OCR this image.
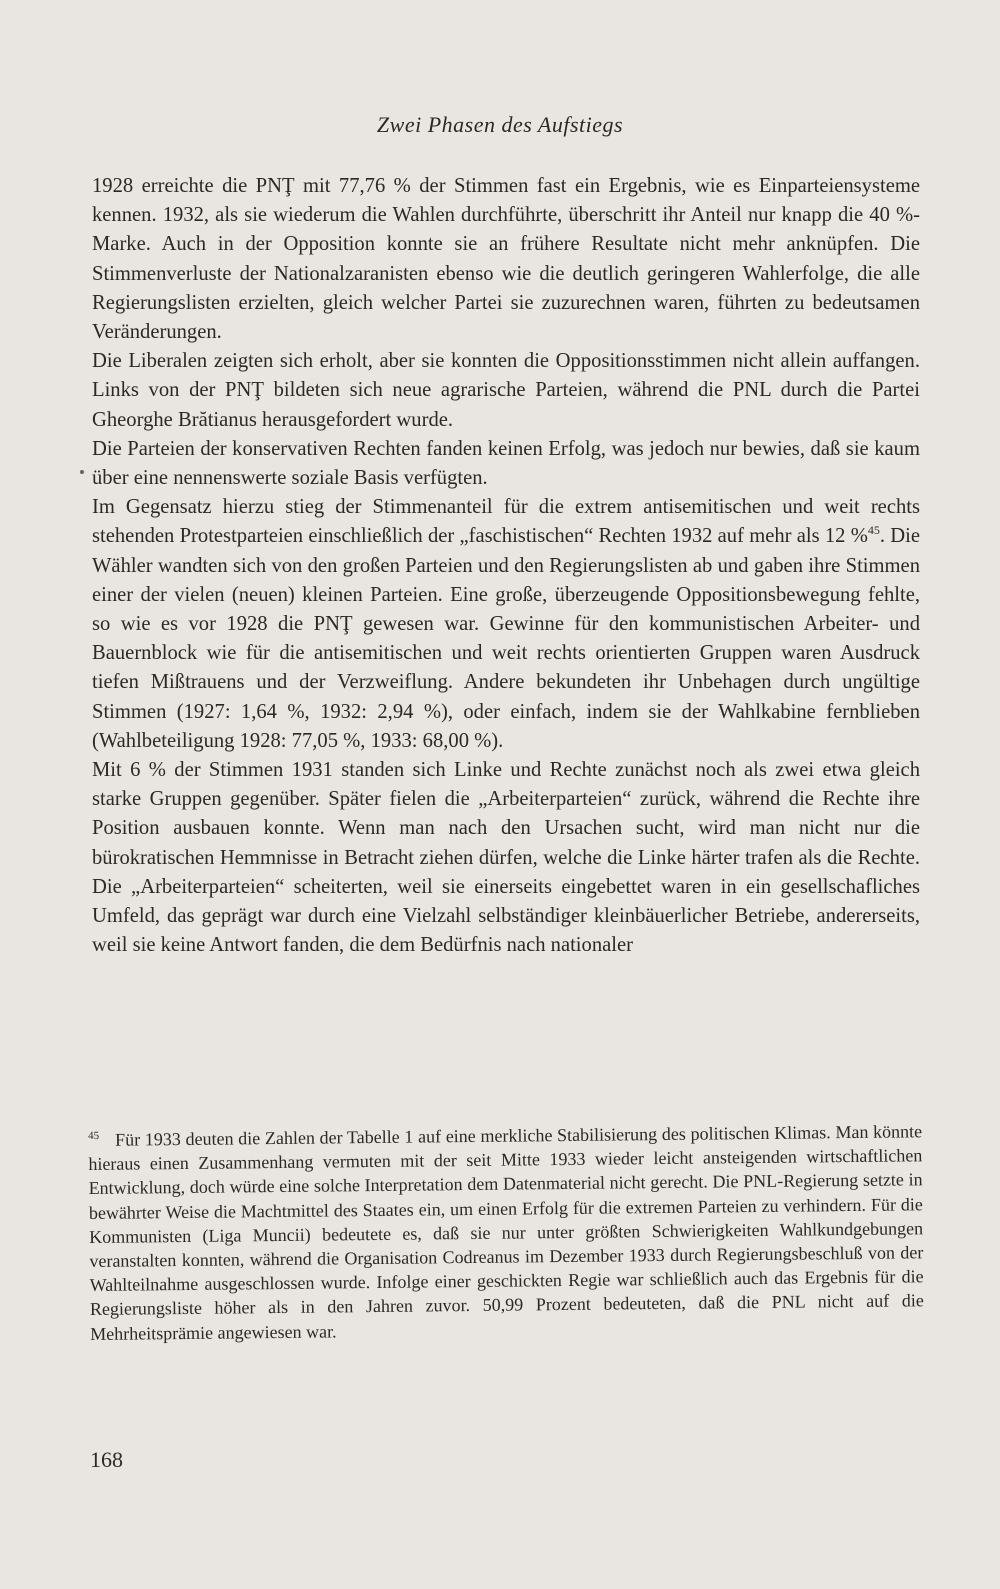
Zwei Phasen des Aufstiegs

1928 erreichte die PNŢ mit 77,76 % der Stimmen fast ein Ergebnis, wie es Einparteiensysteme kennen. 1932, als sie wiederum die Wahlen durchführte, überschritt ihr Anteil nur knapp die 40 %-Marke. Auch in der Opposition konnte sie an frühere Resultate nicht mehr anknüpfen. Die Stimmenverluste der Nationalzaranisten ebenso wie die deutlich geringeren Wahlerfolge, die alle Regierungslisten erzielten, gleich welcher Partei sie zuzurechnen waren, führten zu bedeutsamen Veränderungen.

Die Liberalen zeigten sich erholt, aber sie konnten die Oppositionsstimmen nicht allein auffangen. Links von der PNŢ bildeten sich neue agrarische Parteien, während die PNL durch die Partei Gheorghe Brătianus herausgefordert wurde.

Die Parteien der konservativen Rechten fanden keinen Erfolg, was jedoch nur bewies, daß sie kaum über eine nennenswerte soziale Basis verfügten.

Im Gegensatz hierzu stieg der Stimmenanteil für die extrem antisemitischen und weit rechts stehenden Protestparteien einschließlich der „faschistischen“ Rechten 1932 auf mehr als 12 %$^{45}$. Die Wähler wandten sich von den großen Parteien und den Regierungslisten ab und gaben ihre Stimmen einer der vielen (neuen) kleinen Parteien. Eine große, überzeugende Oppositionsbewegung fehlte, so wie es vor 1928 die PNŢ gewesen war. Gewinne für den kommunistischen Arbeiter- und Bauernblock wie für die antisemitischen und weit rechts orientierten Gruppen waren Ausdruck tiefen Mißtrauens und der Verzweiflung. Andere bekundeten ihr Unbehagen durch ungültige Stimmen (1927: 1,64 %, 1932: 2,94 %), oder einfach, indem sie der Wahlkabine fernblieben (Wahlbeteiligung 1928: 77,05 %, 1933: 68,00 %).

Mit 6 % der Stimmen 1931 standen sich Linke und Rechte zunächst noch als zwei etwa gleich starke Gruppen gegenüber. Später fielen die „Arbeiterparteien“ zurück, während die Rechte ihre Position ausbauen konnte. Wenn man nach den Ursachen sucht, wird man nicht nur die bürokratischen Hemmnisse in Betracht ziehen dürfen, welche die Linke härter trafen als die Rechte. Die „Arbeiterparteien“ scheiterten, weil sie einerseits eingebettet waren in ein gesellschafliches Umfeld, das geprägt war durch eine Vielzahl selbständiger kleinbäuerlicher Betriebe, andererseits, weil sie keine Antwort fanden, die dem Bedürfnis nach nationaler

$^{45}$ Für 1933 deuten die Zahlen der Tabelle 1 auf eine merkliche Stabilisierung des politischen Klimas. Man könnte hieraus einen Zusammenhang vermuten mit der seit Mitte 1933 wieder leicht ansteigenden wirtschaftlichen Entwicklung, doch würde eine solche Interpretation dem Datenmaterial nicht gerecht. Die PNL-Regierung setzte in bewährter Weise die Machtmittel des Staates ein, um einen Erfolg für die extremen Parteien zu verhindern. Für die Kommunisten (Liga Muncii) bedeutete es, daß sie nur unter größten Schwierigkeiten Wahlkundgebungen veranstalten konnten, während die Organisation Codreanus im Dezember 1933 durch Regierungsbeschluß von der Wahlteilnahme ausgeschlossen wurde. Infolge einer geschickten Regie war schließlich auch das Ergebnis für die Regierungsliste höher als in den Jahren zuvor. 50,99 Prozent bedeuteten, daß die PNL nicht auf die Mehrheitsprämie angewiesen war.

168
